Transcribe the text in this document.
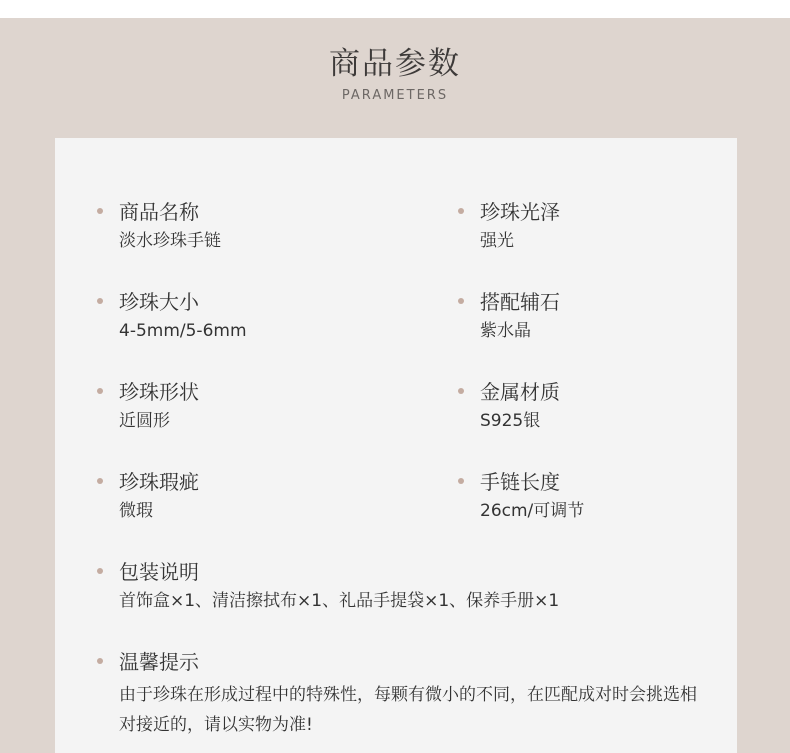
商品参数
PARAMETERS
商品名称
淡水珍珠手链
珍珠大小
4-5mm/5-6mm
珍珠形状
近圆形
珍珠瑕疵
微瑕
珍珠光泽
强光
搭配辅石
紫水晶
金属材质
S925银
手链长度
26cm/可调节
包装说明
首饰盒×1、清洁擦拭布×1、礼品手提袋×1、保养手册×1
温馨提示
由于珍珠在形成过程中的特殊性，每颗有微小的不同，在匹配成对时会挑选相对接近的，请以实物为准!
